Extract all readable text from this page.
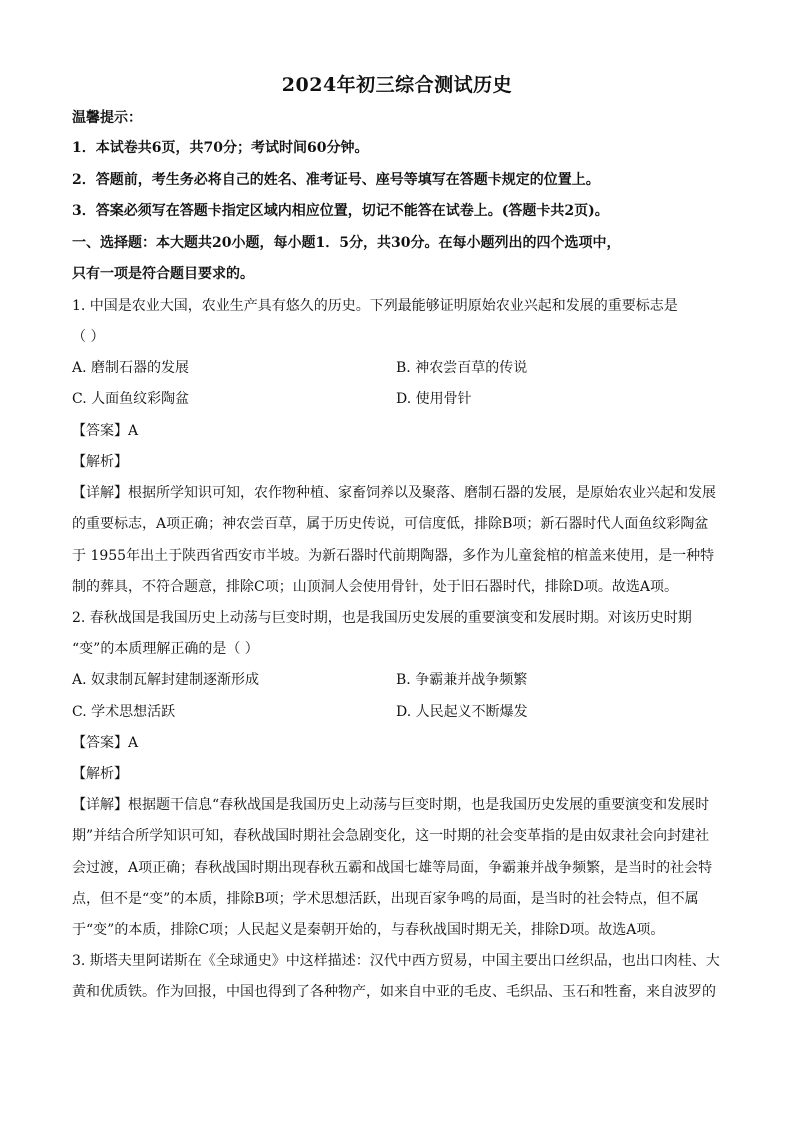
2024年初三综合测试历史
温馨提示：
1．本试卷共6页，共70分；考试时间60分钟。
2．答题前，考生务必将自己的姓名、准考证号、座号等填写在答题卡规定的位置上。
3．答案必须写在答题卡指定区域内相应位置，切记不能答在试卷上。(答题卡共2页)。
一、选择题：本大题共20小题，每小题1．5分，共30分。在每小题列出的四个选项中，
只有一项是符合题目要求的。
1. 中国是农业大国，农业生产具有悠久的历史。下列最能够证明原始农业兴起和发展的重要标志是
（ ）
A. 磨制石器的发展	B. 神农尝百草的传说
C. 人面鱼纹彩陶盆	D. 使用骨针
【答案】A
【解析】
【详解】根据所学知识可知，农作物种植、家畜饲养以及聚落、磨制石器的发展，是原始农业兴起和发展
的重要标志，A项正确；神农尝百草，属于历史传说，可信度低，排除B项；新石器时代人面鱼纹彩陶盆
于 1955年出土于陕西省西安市半坡。为新石器时代前期陶器，多作为儿童瓮棺的棺盖来使用，是一种特
制的葬具，不符合题意，排除C项；山顶洞人会使用骨针，处于旧石器时代，排除D项。故选A项。
2. 春秋战国是我国历史上动荡与巨变时期，也是我国历史发展的重要演变和发展时期。对该历史时期
“变”的本质理解正确的是（ ）
A. 奴隶制瓦解封建制逐渐形成	B. 争霸兼并战争频繁
C. 学术思想活跃	D. 人民起义不断爆发
【答案】A
【解析】
【详解】根据题干信息“春秋战国是我国历史上动荡与巨变时期，也是我国历史发展的重要演变和发展时
期”并结合所学知识可知，春秋战国时期社会急剧变化，这一时期的社会变革指的是由奴隶社会向封建社
会过渡，A项正确；春秋战国时期出现春秋五霸和战国七雄等局面，争霸兼并战争频繁，是当时的社会特
点，但不是“变”的本质，排除B项；学术思想活跃，出现百家争鸣的局面，是当时的社会特点，但不属
于“变”的本质，排除C项；人民起义是秦朝开始的，与春秋战国时期无关，排除D项。故选A项。
3. 斯塔夫里阿诺斯在《全球通史》中这样描述：汉代中西方贸易，中国主要出口丝织品，也出口肉桂、大
黄和优质铁。作为回报，中国也得到了各种物产，如来自中亚的毛皮、毛织品、玉石和牲畜，来自波罗的
